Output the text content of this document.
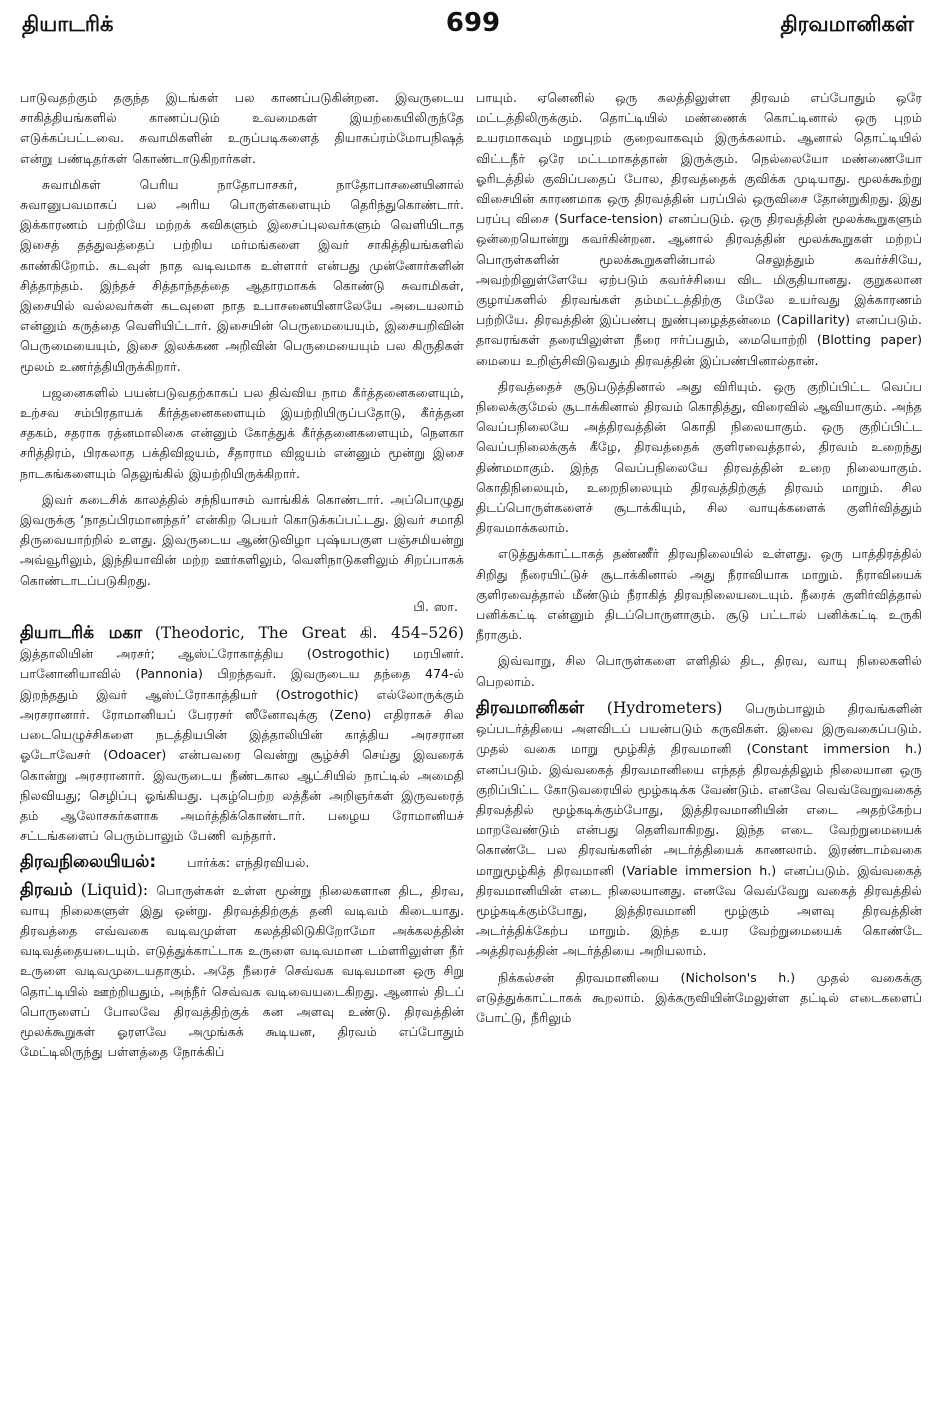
தியாடரிக்	699	திரவமானிகள்

பாடுவதற்கும் தகுந்த இடங்கள் பல காணப்படுகின்றன. இவருடைய சாகித்தியங்களில் காணப்படும் உவமைகள் இயற்கையிலிருந்தே எடுக்கப்பட்டவை. சுவாமிகளின் உருப்படிகளைத் தியாகப்ரம்மோபநிஷத் என்று பண்டிதர்கள் கொண்டாடுகிறார்கள்.

சுவாமிகள் பெரிய நாதோபாசகர், நாதோபாசனையினால் சுவானுபவமாகப் பல அரிய பொருள்களையும் தெரிந்துகொண்டார். இக்காரணம் பற்றியே மற்றக் கவிகளும் இசைப்புலவர்களும் வெளியிடாத இசைத் தத்துவத்தைப் பற்றிய மர்மங்களை இவர் சாகித்தியங்களில் காண்கிறோம். கடவுள் நாத வடிவமாக உள்ளார் என்பது முன்னோர்களின் சித்தாந்தம். இந்தச் சித்தாந்தத்தை ஆதாரமாகக் கொண்டு சுவாமிகள், இசையில் வல்லவர்கள் கடவுளை நாத உபாசனையினாலேயே அடையலாம் என்னும் கருத்தை வெளியிட்டார். இசையின் பெருமையையும், இசையறிவின் பெருமையையும், இசை இலக்கண அறிவின் பெருமையையும் பல கிருதிகள் மூலம் உணர்த்தியிருக்கிறார்.

பஜனைகளில் பயன்படுவதற்காகப் பல திவ்விய நாம கீர்த்தனைகளையும், உற்சவ சம்பிரதாயக் கீர்த்தனைகளையும் இயற்றியிருப்பதோடு, கீர்த்தன சதகம், சதராக ரத்னமாலிகை என்னும் கோத்துக் கீர்த்தனைகளையும், நௌகா சரித்திரம், பிரகலாத பக்திவிஜயம், சீதாராம விஜயம் என்னும் மூன்று இசை நாடகங்களையும் தெலுங்கில் இயற்றியிருக்கிறார்.

இவர் கடைசிக் காலத்தில் சந்நியாசம் வாங்கிக் கொண்டார். அப்பொழுது இவருக்கு ‘நாதப்பிரமானந்தர்’ என்கிற பெயர் கொடுக்கப்பட்டது. இவர் சமாதி திருவையாற்றில் உளது. இவருடைய ஆண்டுவிழா புஷ்யபகுள பஞ்சமியன்று அவ்வூரிலும், இந்தியாவின் மற்ற ஊர்களிலும், வெளிநாடுகளிலும் சிறப்பாகக் கொண்டாடப்படுகிறது.

பி. ஸா.

தியாடரிக் மகா (Theodoric, The Great கி. 454–526) இத்தாலியின் அரசர்; ஆஸ்ட்ரோகாத்திய (Ostrogothic) மரபினர். பானோனியாவில் (Pannonia) பிறந்தவர். இவருடைய தந்தை 474-ல் இறந்ததும் இவர் ஆஸ்ட்ரோகாத்தியர் (Ostrogothic) எல்லோருக்கும் அரசரானார். ரோமானியப் பேரரசர் ஸீனோவுக்கு (Zeno) எதிராகச் சில படையெழுச்சிகளை நடத்தியபின் இத்தாலியின் காத்திய அரசரான ஓடோவேசர் (Odoacer) என்பவரை வென்று சூழ்ச்சி செய்து இவரைக் கொன்று அரசரானார். இவருடைய நீண்டகால ஆட்சியில் நாட்டில் அமைதி நிலவியது; செழிப்பு ஓங்கியது. புகழ்பெற்ற லத்தீன் அறிஞர்கள் இருவரைத் தம் ஆலோசகர்களாக அமர்த்திக்கொண்டார். பழைய ரோமானியச் சட்டங்களைப் பெரும்பாலும் பேணி வந்தார்.

திரவநிலையியல்: பார்க்க: எந்திரவியல்.

திரவம் (Liquid): பொருள்கள் உள்ள மூன்று நிலைகளான திட, திரவ, வாயு நிலைகளுள் இது ஒன்று. திரவத்திற்குத் தனி வடிவம் கிடையாது. திரவத்தை எவ்வகை வடிவமுள்ள கலத்திலிடுகிறோமோ அக்கலத்தின் வடிவத்தையடையும். எடுத்துக்காட்டாக உருளை வடிவமான டம்ளரிலுள்ள நீர் உருளை வடிவமுடையதாகும். அதே நீரைச் செவ்வக வடிவமான ஒரு சிறு தொட்டியில் ஊற்றியதும், அந்நீர் செவ்வக வடிவையடைகிறது. ஆனால் திடப் பொருளைப் போலவே திரவத்திற்குக் கன அளவு உண்டு. திரவத்தின் மூலக்கூறுகள் ஓரளவே அமுங்கக் கூடியன, திரவம் எப்போதும் மேட்டிலிருந்து பள்ளத்தை நோக்கிப்

பாயும். ஏனெனில் ஒரு கலத்திலுள்ள திரவம் எப்போதும் ஒரே மட்டத்திலிருக்கும். தொட்டியில் மண்ணைக் கொட்டினால் ஒரு புறம் உயரமாகவும் மறுபுறம் குறைவாகவும் இருக்கலாம். ஆனால் தொட்டியில் விட்டநீர் ஒரே மட்டமாகத்தான் இருக்கும். நெல்லையோ மண்ணையோ ஓரிடத்தில் குவிப்பதைப் போல, திரவத்தைக் குவிக்க முடியாது. மூலக்கூற்று விசையின் காரணமாக ஒரு திரவத்தின் பரப்பில் ஒருவிசை தோன்றுகிறது. இது பரப்பு விசை (Surface-tension) எனப்படும். ஒரு திரவத்தின் மூலக்கூறுகளும் ஒன்றையொன்று கவர்கின்றன. ஆனால் திரவத்தின் மூலக்கூறுகள் மற்றப் பொருள்களின் மூலக்கூறுகளின்பால் செலுத்தும் கவர்ச்சியே, அவற்றினுள்ளேயே ஏற்படும் கவர்ச்சியை விட மிகுதியானது. குறுகலான குழாய்களில் திரவங்கள் தம்மட்டத்திற்கு மேலே உயர்வது இக்காரணம் பற்றியே. திரவத்தின் இப்பண்பு நுண்புழைத்தன்மை (Capillarity) எனப்படும். தாவரங்கள் தரையிலுள்ள நீரை ஈர்ப்பதும், மையொற்றி (Blotting paper) மையை உறிஞ்சிவிடுவதும் திரவத்தின் இப்பண்பினால்தான்.

திரவத்தைச் சூடுபடுத்தினால் அது விரியும். ஒரு குறிப்பிட்ட வெப்ப நிலைக்குமேல் சூடாக்கினால் திரவம் கொதித்து, விரைவில் ஆவியாகும். அந்த வெப்பநிலையே அத்திரவத்தின் கொதி நிலையாகும். ஒரு குறிப்பிட்ட வெப்பநிலைக்குக் கீழே, திரவத்தைக் குளிரவைத்தால், திரவம் உறைந்து திண்மமாகும். இந்த வெப்பநிலையே திரவத்தின் உறை நிலையாகும். கொதிநிலையும், உறைநிலையும் திரவத்திற்குத் திரவம் மாறும். சில திடப்பொருள்களைச் சூடாக்கியும், சில வாயுக்களைக் குளிர்வித்தும் திரவமாக்கலாம்.

எடுத்துக்காட்டாகத் தண்ணீர் திரவநிலையில் உள்ளது. ஒரு பாத்திரத்தில் சிறிது நீரையிட்டுச் சூடாக்கினால் அது நீராவியாக மாறும். நீராவியைக் குளிரவைத்தால் மீண்டும் நீராகித் திரவநிலையடையும். நீரைக் குளிர்வித்தால் பனிக்கட்டி என்னும் திடப்பொருளாகும். சூடு பட்டால் பனிக்கட்டி உருகி நீராகும்.

இவ்வாறு, சில பொருள்களை எளிதில் திட, திரவ, வாயு நிலைகளில் பெறலாம்.

திரவமானிகள் (Hydrometers) பெரும்பாலும் திரவங்களின் ஒப்படர்த்தியை அளவிடப் பயன்படும் கருவிகள். இவை இருவகைப்படும். முதல் வகை மாறு மூழ்கித் திரவமானி (Constant immersion h.) எனப்படும். இவ்வகைத் திரவமானியை எந்தத் திரவத்திலும் நிலையான ஒரு குறிப்பிட்ட கோடுவரையில் மூழ்கடிக்க வேண்டும். எனவே வெவ்வேறுவகைத் திரவத்தில் மூழ்கடிக்கும்போது, இத்திரவமானியின் எடை அதற்கேற்ப மாறவேண்டும் என்பது தெளிவாகிறது. இந்த எடை வேற்றுமையைக் கொண்டே பல திரவங்களின் அடர்த்தியைக் காணலாம். இரண்டாம்வகை மாறுமூழ்கித் திரவமானி (Variable immersion h.) எனப்படும். இவ்வகைத் திரவமானியின் எடை நிலையானது. எனவே வெவ்வேறு வகைத் திரவத்தில் மூழ்கடிக்கும்போது, இத்திரவமானி மூழ்கும் அளவு திரவத்தின் அடர்த்திக்கேற்ப மாறும். இந்த உயர வேற்றுமையைக் கொண்டே அத்திரவத்தின் அடர்த்தியை அறியலாம்.

நிக்கல்சன் திரவமானியை (Nicholson's h.) முதல் வகைக்கு எடுத்துக்காட்டாகக் கூறலாம். இக்கருவியின்மேலுள்ள தட்டில் எடைகளைப் போட்டு, நீரிலும்
